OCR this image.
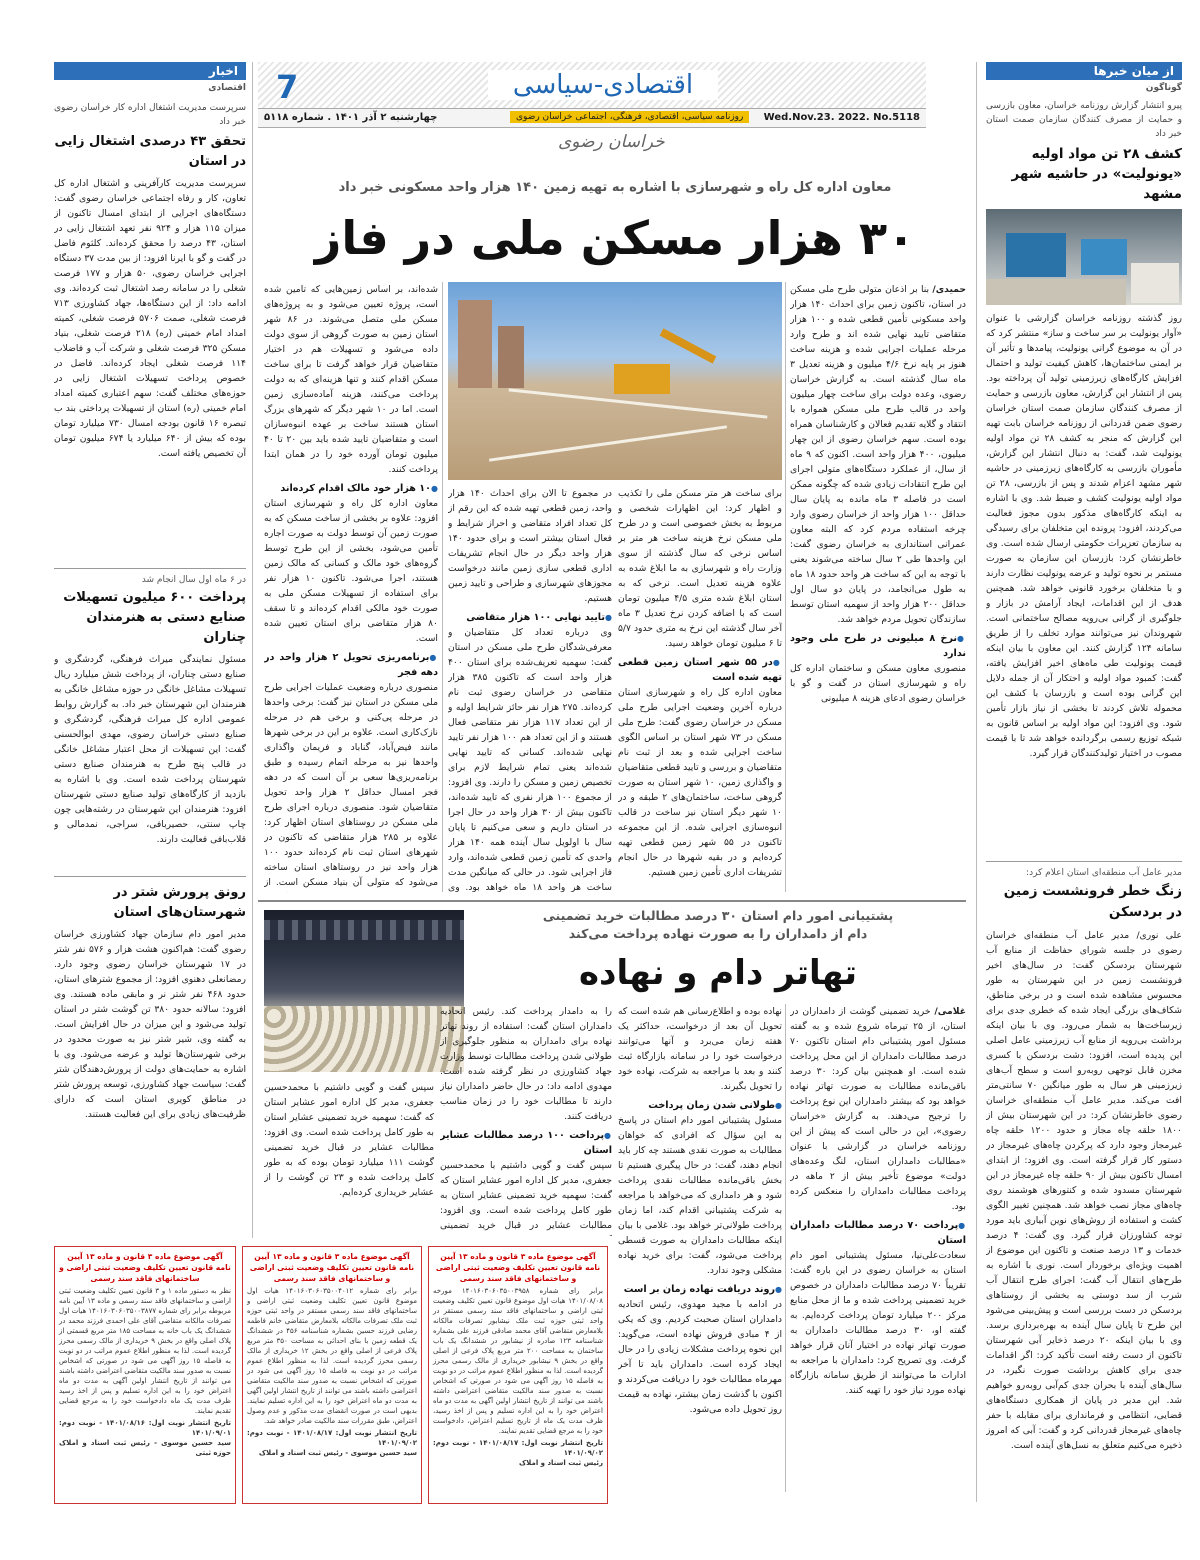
7	اقتصادی-سیاسی
Wed.Nov.23. 2022. No.5118
روزنامه سیاسی، اقتصادی، فرهنگی، اجتماعی خراسان رضوی
چهارشنبه ۲ آذر ۱۴۰۱ . شماره ۵۱۱۸
خراسان رضوی
از میان خبرها
گوناگون
پیرو انتشار گزارش روزنامه خراسان، معاون بازرسی و حمایت از مصرف کنندگان سازمان صمت استان خبر داد
کشف ۲۸ تن مواد اولیه «یونولیت» در حاشیه شهر مشهد
روز گذشته روزنامه خراسان گزارشی با عنوان «آوار یونولیت بر سر ساخت و ساز» منتشر کرد که در آن به موضوع گرانی یونولیت، پیامدها و تأثیر آن بر ایمنی ساختمان‌ها، کاهش کیفیت تولید و احتمال افزایش کارگاه‌های زیرزمینی تولید آن پرداخته بود. پس از انتشار این گزارش، معاون بازرسی و حمایت از مصرف کنندگان سازمان صمت استان خراسان رضوی ضمن قدردانی از روزنامه خراسان بابت تهیه این گزارش که منجر به کشف ۲۸ تن مواد اولیه یونولیت شد، گفت: به دنبال انتشار این گزارش، مأموران بازرسی به کارگاه‌های زیرزمینی در حاشیه شهر مشهد اعزام شدند و پس از بازرسی، ۲۸ تن مواد اولیه یونولیت کشف و ضبط شد. وی با اشاره به اینکه کارگاه‌های مذکور بدون مجوز فعالیت می‌کردند، افزود: پرونده این متخلفان برای رسیدگی به سازمان تعزیرات حکومتی ارسال شده است. وی خاطرنشان کرد: بازرسان این سازمان به صورت مستمر بر نحوه تولید و عرضه یونولیت نظارت دارند و با متخلفان برخورد قانونی خواهد شد. همچنین هدف از این اقدامات، ایجاد آرامش در بازار و جلوگیری از گرانی بی‌رویه مصالح ساختمانی است. شهروندان نیز می‌توانند موارد تخلف را از طریق سامانه ۱۲۴ گزارش کنند. این معاون با بیان اینکه قیمت یونولیت طی ماه‌های اخیر افزایش یافته، گفت: کمبود مواد اولیه و احتکار آن از جمله دلایل این گرانی بوده است و بازرسان با کشف این محموله تلاش کردند تا بخشی از نیاز بازار تأمین شود. وی افزود: این مواد اولیه بر اساس قانون به شبکه توزیع رسمی برگردانده خواهد شد تا با قیمت مصوب در اختیار تولیدکنندگان قرار گیرد.
مدیر عامل آب منطقه‌ای استان اعلام کرد:
زنگ خطر فرونشست زمین در بردسکن
علی نوری/ مدیر عامل آب منطقه‌ای خراسان رضوی در جلسه شورای حفاظت از منابع آب شهرستان بردسکن گفت: در سال‌های اخیر فرونشست زمین در این شهرستان به طور محسوس مشاهده شده است و در برخی مناطق، شکاف‌های بزرگی ایجاد شده که خطری جدی برای زیرساخت‌ها به شمار می‌رود. وی با بیان اینکه برداشت بی‌رویه از منابع آب زیرزمینی عامل اصلی این پدیده است، افزود: دشت بردسکن با کسری مخزن قابل توجهی روبه‌رو است و سطح آب‌های زیرزمینی هر سال به طور میانگین ۷۰ سانتی‌متر افت می‌کند. مدیر عامل آب منطقه‌ای خراسان رضوی خاطرنشان کرد: در این شهرستان بیش از ۱۸۰۰ حلقه چاه مجاز و حدود ۱۲۰۰ حلقه چاه غیرمجاز وجود دارد که پرکردن چاه‌های غیرمجاز در دستور کار قرار گرفته است. وی افزود: از ابتدای امسال تاکنون بیش از ۹۰ حلقه چاه غیرمجاز در این شهرستان مسدود شده و کنتورهای هوشمند روی چاه‌های مجاز نصب خواهد شد. همچنین تغییر الگوی کشت و استفاده از روش‌های نوین آبیاری باید مورد توجه کشاورزان قرار گیرد. وی گفت: ۴ درصد خدمات و ۱۳ درصد صنعت و تاکنون این موضوع از اهمیت ویژه‌ای برخوردار است. نوری با اشاره به طرح‌های انتقال آب گفت: اجرای طرح انتقال آب شرب از سد دوستی به بخشی از روستاهای بردسکن در دست بررسی است و پیش‌بینی می‌شود این طرح تا پایان سال آینده به بهره‌برداری برسد. وی با بیان اینکه ۲۰ درصد ذخایر آبی شهرستان تاکنون از دست رفته است تأکید کرد: اگر اقدامات جدی برای کاهش برداشت صورت نگیرد، در سال‌های آینده با بحران جدی کم‌آبی روبه‌رو خواهیم شد. این مدیر در پایان از همکاری دستگاه‌های قضایی، انتظامی و فرمانداری برای مقابله با حفر چاه‌های غیرمجاز قدردانی کرد و گفت: آبی که امروز ذخیره می‌کنیم متعلق به نسل‌های آینده است.
معاون اداره کل راه و شهرسازی با اشاره به تهیه زمین ۱۴۰ هزار واحد مسکونی خبر داد
۳۰ هزار مسکن ملی در فاز
حمیدی/ بنا بر اذعان متولی طرح ملی مسکن در استان، تاکنون زمین برای احداث ۱۴۰ هزار واحد مسکونی تأمین قطعی شده و ۱۰۰ هزار متقاضی تایید نهایی شده اند و طرح وارد مرحله عملیات اجرایی شده و هزینه ساخت هنوز بر پایه نرخ ۴/۶ میلیون و هزینه تعدیل ۳ ماه سال گذشته است. به گزارش خراسان رضوی، وعده دولت برای ساخت چهار میلیون واحد در قالب طرح ملی مسکن همواره با انتقاد و گلایه تقدیم فعالان و کارشناسان همراه بوده است. سهم خراسان رضوی از این چهار میلیون، ۴۰۰ هزار واحد است. اکنون که ۹ ماه از سال، از عملکرد دستگاه‌های متولی اجرای این طرح انتقادات زیادی شده که چگونه ممکن است در فاصله ۳ ماه مانده به پایان سال حداقل ۱۰۰ هزار واحد از خراسان رضوی وارد چرخه استفاده مردم کرد که البته معاون عمرانی استانداری به خراسان رضوی گفت: این واحدها طی ۲ سال ساخته می‌شوند یعنی با توجه به این که ساخت هر واحد حدود ۱۸ ماه به طول می‌انجامد، در پایان دو سال اول حداقل ۲۰۰ هزار واحد از سهمیه استان توسط سازندگان تحویل مردم خواهد شد.
● نرخ ۸ میلیونی در طرح ملی وجود ندارد
منصوری معاون مسکن و ساختمان اداره کل راه و شهرسازی استان در گفت و گو با خراسان رضوی ادعای هزینه ۸ میلیونی
برای ساخت هر متر مسکن ملی را تکذیب و اظهار کرد: این اظهارات شخصی و مربوط به بخش خصوصی است و در طرح ملی مسکن نرخ هزینه ساخت هر متر بر اساس نرخی که سال گذشته از سوی وزارت راه و شهرسازی به ما ابلاغ شده به علاوه هزینه تعدیل است. نرخی که به استان ابلاغ شده متری ۴/۵ میلیون تومان است که با اضافه کردن نرخ تعدیل ۳ ماه آخر سال گذشته این نرخ به متری حدود ۵/۷ تا ۶ میلیون تومان خواهد رسید.
● در ۵۵ شهر استان زمین قطعی تهیه شده است
معاون اداره کل راه و شهرسازی استان درباره آخرین وضعیت اجرایی طرح ملی مسکن در خراسان رضوی گفت: طرح ملی مسکن در ۷۳ شهر استان بر اساس الگوی ساخت اجرایی شده و بعد از ثبت نام متقاضیان و بررسی و تایید قطعی متقاضیان و واگذاری زمین، ۱۰ شهر استان به صورت گروهی ساخت، ساختمان‌های ۲ طبقه و در ۱۰ شهر دیگر استان نیز ساخت در قالب انبوه‌سازی اجرایی شده. از این مجموعه تاکنون در ۵۵ شهر زمین قطعی تهیه کرده‌ایم و در بقیه شهرها در حال انجام تشریفات اداری تأمین زمین هستیم.
در مجموع تا الان برای احداث ۱۴۰ هزار واحد، زمین قطعی تهیه شده که این رقم از کل تعداد افراد متقاضی و احراز شرایط و فعال استان بیشتر است و برای حدود ۱۴۰ هزار واحد دیگر در حال انجام تشریفات اداری قطعی سازی زمین مانند درخواست مجوزهای شهرسازی و طراحی و تایید زمین هستیم.
● تایید نهایی ۱۰۰ هزار متقاضی
وی درباره تعداد کل متقاضیان و معرفی‌شدگان طرح ملی مسکن در استان گفت: سهمیه تعریف‌شده برای استان ۴۰۰ هزار واحد است که تاکنون ۳۸۵ هزار متقاضی در خراسان رضوی ثبت نام کرده‌اند. ۲۷۵ هزار نفر حائز شرایط اولیه و از این تعداد ۱۱۷ هزار نفر متقاضی فعال هستند و از این تعداد هم ۱۰۰ هزار نفر تایید نهایی شده‌اند. کسانی که تایید نهایی شده‌اند یعنی تمام شرایط لازم برای تخصیص زمین و مسکن را دارند. وی افزود: از مجموع ۱۰۰ هزار نفری که تایید شده‌اند، تاکنون بیش از ۳۰ هزار واحد در حال اجرا در استان داریم و سعی می‌کنیم تا پایان سال با اولویل سال آینده همه ۱۴۰ هزار واحدی که تأمین زمین قطعی شده‌اند، وارد فاز اجرایی شود. در حالی که میانگین مدت ساخت هر واحد ۱۸ ماه خواهد بود. وی
شده‌اند، بر اساس زمین‌هایی که تامین شده است، پروژه تعیین می‌شود و به پروژه‌های مسکن ملی متصل می‌شوند. در ۸۶ شهر استان زمین به صورت گروهی از سوی دولت داده می‌شود و تسهیلات هم در اختیار متقاضیان قرار خواهد گرفت تا برای ساخت مسکن اقدام کنند و تنها هزینه‌ای که به دولت پرداخت می‌کنند، هزینه آماده‌سازی زمین است. اما در ۱۰ شهر دیگر که شهرهای بزرگ استان هستند ساخت بر عهده انبوه‌سازان است و متقاضیان تایید شده باید بین ۲۰ تا ۴۰ میلیون تومان آورده خود را در همان ابتدا پرداخت کنند.
● ۱۰ هزار خود مالک اقدام کرده‌اند
معاون اداره کل راه و شهرسازی استان افزود: علاوه بر بخشی از ساخت مسکن که به صورت زمین آن توسط دولت به صورت اجاره تأمین می‌شود، بخشی از این طرح توسط گروه‌های خود مالک و کسانی که مالک زمین هستند، اجرا می‌شود. تاکنون ۱۰ هزار نفر برای استفاده از تسهیلات مسکن ملی به صورت خود مالکی اقدام کرده‌اند و تا سقف ۸۰ هزار متقاضی برای استان تعیین شده است.
● برنامه‌ریزی تحویل ۲ هزار واحد در دهه فجر
منصوری درباره وضعیت عملیات اجرایی طرح ملی مسکن در استان نیز گفت: برخی واحدها در مرحله پی‌کنی و برخی هم در مرحله نازک‌کاری است. علاوه بر این در برخی شهرها مانند فیض‌آباد، گناباد و فریمان واگذاری واحدها نیز به مرحله اتمام رسیده و طبق برنامه‌ریزی‌ها سعی بر آن است که در دهه فجر امسال حداقل ۲ هزار واحد تحویل متقاضیان شود. منصوری درباره اجرای طرح ملی مسکن در روستاهای استان اظهار کرد: علاوه بر ۲۸۵ هزار متقاضی که تاکنون در شهرهای استان ثبت نام کرده‌اند حدود ۱۰۰ هزار واحد نیز در روستاهای استان ساخته می‌شود که متولی آن بنیاد مسکن است. از
پشتیبانی امور دام استان ۳۰ درصد مطالبات خرید تضمینی
دام از دامداران را به صورت نهاده پرداخت می‌کند
تهاتر دام و نهاده
غلامی/ خرید تضمینی گوشت از دامداران در استان، از ۲۵ تیرماه شروع شده و به گفته مسئول امور پشتیبانی دام استان تاکنون ۷۰ درصد مطالبات دامداران از این محل پرداخت شده است. او همچنین بیان کرد: ۳۰ درصد باقی‌مانده مطالبات به صورت تهاتر نهاده خواهد بود که بیشتر دامداران این نوع پرداخت را ترجیح می‌دهند. به گزارش «خراسان رضوی»، این در حالی است که پیش از این روزنامه خراسان در گزارشی با عنوان «مطالبات دامداران استان، لنگ وعده‌های دولت» موضوع تأخیر بیش از ۲ ماهه در پرداخت مطالبات دامداران را منعکس کرده بود.
● پرداخت ۷۰ درصد مطالبات دامداران استان
سعادت‌علی‌نیا، مسئول پشتیبانی امور دام استان به خراسان رضوی در این باره گفت: تقریباً ۷۰ درصد مطالبات دامداران در خصوص خرید تضمینی پرداخت شده و ما از محل منابع مرکز ۲۰۰ میلیارد تومان پرداخت کرده‌ایم. به گفته او، ۳۰ درصد مطالبات دامداران به صورت تهاتر نهاده در اختیار آنان قرار خواهد گرفت. وی تصریح کرد: دامداران با مراجعه به ادارات ما می‌توانند از طریق سامانه بازارگاه نهاده مورد نیاز خود را تهیه کنند.
نهاده بوده و اطلاع‌رسانی هم شده است که تحویل آن بعد از درخواست، حداکثر یک هفته زمان می‌برد و آنها می‌توانند درخواست خود را در سامانه بازارگاه ثبت کنند و بعد با مراجعه به شرکت، نهاده خود را تحویل بگیرند.
● طولانی شدن زمان پرداخت
مسئول پشتیبانی امور دام استان در پاسخ به این سؤال که افرادی که خواهان مطالبات به صورت نقدی هستند چه کار باید انجام دهند، گفت: در حال پیگیری هستیم تا بخش باقی‌مانده مطالبات نقدی پرداخت شود و هر دامداری که می‌خواهد با مراجعه به شرکت پشتیبانی اقدام کند، اما زمان پرداخت طولانی‌تر خواهد بود. غلامی با بیان اینکه مطالبات دامداران به صورت قسطی پرداخت می‌شود، گفت: برای خرید نهاده مشکلی وجود ندارد.
● روند دریافت نهاده زمان بر است
در ادامه با مجید مهدوی، رئیس اتحادیه دامداران استان صحبت کردیم. وی که یکی از ۴ مبادی فروش نهاده است، می‌گوید: این نحوه پرداخت مشکلات زیادی را در حال ایجاد کرده است. دامداران باید تا آخر مهرماه مطالبات خود را دریافت می‌کردند و اکنون با گذشت زمان بیشتر، نهاده به قیمت روز تحویل داده می‌شود.
را به دامدار پرداخت کند. رئیس اتحادیه دامداران استان گفت: استفاده از روند تهاتر نهاده برای دامداران به منظور جلوگیری از طولانی شدن پرداخت مطالبات توسط وزارت جهاد کشاورزی در نظر گرفته شده است. مهدوی ادامه داد: در حال حاضر دامداران نیاز دارند تا مطالبات خود را در زمان مناسب دریافت کنند.
● پرداخت ۱۰۰ درصد مطالبات عشایر استان
سپس گفت و گویی داشتیم با محمدحسین جعفری، مدیر کل اداره امور عشایر استان که گفت: سهمیه خرید تضمینی عشایر استان به طور کامل پرداخت شده است. وی افزود: مطالبات عشایر در قبال خرید تضمینی
سپس گفت و گویی داشتیم با محمدحسین جعفری، مدیر کل اداره امور عشایر استان که گفت: سهمیه خرید تضمینی عشایر استان به طور کامل پرداخت شده است. وی افزود: مطالبات عشایر در قبال خرید تضمینی گوشت ۱۱۱ میلیارد تومان بوده که به طور کامل پرداخت شده و ۲۳ تن گوشت را از عشایر خریداری کرده‌ایم.
آگهی موضوع ماده ۳ قانون و ماده ۱۳ آیین نامه قانون تعیین تکلیف وضعیت ثبتی اراضی و ساختمانهای فاقد سند رسمی
برابر رای شماره ۱۴۰۱۶۰۳۰۶۰۳۵۰۰۳۹۵۸ مورخه ۱۴۰۱/۰۸/۰۸ هیات اول موضوع قانون تعیین تکلیف وضعیت ثبتی اراضی و ساختمانهای فاقد سند رسمی مستقر در واحد ثبتی حوزه ثبت ملک نیشابور تصرفات مالکانه بلامعارض متقاضی آقای محمد صادقی فرزند علی بشماره شناسنامه ۱۲۳ صادره از نیشابور در ششدانگ یک باب ساختمان به مساحت ۲۰۰ متر مربع پلاک فرعی از اصلی واقع در بخش ۹ نیشابور خریداری از مالک رسمی محرز گردیده است. لذا به منظور اطلاع عموم مراتب در دو نوبت به فاصله ۱۵ روز آگهی می شود در صورتی که اشخاص نسبت به صدور سند مالکیت متقاضی اعتراضی داشته باشند می توانند از تاریخ انتشار اولین آگهی به مدت دو ماه اعتراض خود را به این اداره تسلیم و پس از اخذ رسید، ظرف مدت یک ماه از تاریخ تسلیم اعتراض، دادخواست خود را به مرجع قضایی تقدیم نمایند.
تاریخ انتشار نوبت اول: ۱۴۰۱/۰۸/۱۷ - نوبت دوم: ۱۴۰۱/۰۹/۰۲
رئیس ثبت اسناد و املاک
آگهی موضوع ماده ۳ قانون و ماده ۱۳ آیین نامه قانون تعیین تکلیف وضعیت ثبتی اراضی و ساختمانهای فاقد سند رسمی
برابر رای شماره ۱۴۰۱۶۰۳۰۶۰۳۵۰۰۴۰۱۲ هیات اول موضوع قانون تعیین تکلیف وضعیت ثبتی اراضی و ساختمانهای فاقد سند رسمی مستقر در واحد ثبتی حوزه ثبت ملک تصرفات مالکانه بلامعارض متقاضی خانم فاطمه رضایی فرزند حسین بشماره شناسنامه ۴۵۶ در ششدانگ یک قطعه زمین با بنای احداثی به مساحت ۳۵۰ متر مربع پلاک فرعی از اصلی واقع در بخش ۱۲ خریداری از مالک رسمی محرز گردیده است. لذا به منظور اطلاع عموم مراتب در دو نوبت به فاصله ۱۵ روز آگهی می شود در صورتی که اشخاص نسبت به صدور سند مالکیت متقاضی اعتراضی داشته باشند می توانند از تاریخ انتشار اولین آگهی به مدت دو ماه اعتراض خود را به این اداره تسلیم نمایند. بدیهی است در صورت انقضای مدت مذکور و عدم وصول اعتراض، طبق مقررات سند مالکیت صادر خواهد شد.
تاریخ انتشار نوبت اول: ۱۴۰۱/۰۸/۱۷ - نوبت دوم: ۱۴۰۱/۰۹/۰۲
سید حسین موسوی - رئیس ثبت اسناد و املاک
آگهی موضوع ماده ۳ قانون و ماده ۱۳ آیین نامه قانون تعیین تکلیف وضعیت ثبتی اراضی و ساختمانهای فاقد سند رسمی
نظر به دستور ماده ۱ و ۳ قانون تعیین تکلیف وضعیت ثبتی اراضی و ساختمانهای فاقد سند رسمی و ماده ۱۳ آیین نامه مربوطه برابر رای شماره ۱۴۰۱۶۰۳۰۶۰۳۵۰۰۳۸۷۷ هیات اول تصرفات مالکانه متقاضی آقای علی احمدی فرزند محمد در ششدانگ یک باب خانه به مساحت ۱۸۵ متر مربع قسمتی از پلاک اصلی واقع در بخش ۹ خریداری از مالک رسمی محرز گردیده است. لذا به منظور اطلاع عموم مراتب در دو نوبت به فاصله ۱۵ روز آگهی می شود در صورتی که اشخاص نسبت به صدور سند مالکیت متقاضی اعتراضی داشته باشند می توانند از تاریخ انتشار اولین آگهی به مدت دو ماه اعتراض خود را به این اداره تسلیم و پس از اخذ رسید ظرف مدت یک ماه دادخواست خود را به مرجع قضایی تقدیم نمایند.
تاریخ انتشار نوبت اول: ۱۴۰۱/۰۸/۱۶ - نوبت دوم: ۱۴۰۱/۰۹/۰۱
سید حسین موسوی - رئیس ثبت اسناد و املاک حوزه ثبتی
اخبار
اقتصادی
سرپرست مدیریت اشتغال اداره کار خراسان رضوی خبر داد
تحقق ۴۳ درصدی اشتغال زایی در استان
سرپرست مدیریت کارآفرینی و اشتغال اداره کل تعاون، کار و رفاه اجتماعی خراسان رضوی گفت: دستگاه‌های اجرایی از ابتدای امسال تاکنون از میزان ۱۱۵ هزار و ۹۲۴ نفر تعهد اشتغال زایی در استان، ۴۳ درصد را محقق کرده‌اند. کلثوم فاضل در گفت و گو با ایرنا افزود: از بین مدت ۳۷ دستگاه اجرایی خراسان رضوی، ۵۰ هزار و ۱۷۷ فرصت شغلی را در سامانه رصد اشتغال ثبت کرده‌اند. وی ادامه داد: از این دستگاه‌ها، جهاد کشاورزی ۷۱۳ فرصت شغلی، صمت ۵۷۰۶ فرصت شغلی، کمیته امداد امام خمینی (ره) ۲۱۸ فرصت شغلی، بنیاد مسکن ۳۲۵ فرصت شغلی و شرکت آب و فاضلاب ۱۱۴ فرصت شغلی ایجاد کرده‌اند. فاضل در خصوص پرداخت تسهیلات اشتغال زایی در حوزه‌های مختلف گفت: سهم اعتباری کمیته امداد امام خمینی (ره) استان از تسهیلات پرداختی بند ب تبصره ۱۶ قانون بودجه امسال ۷۳۰ میلیارد تومان بوده که بیش از ۶۴۰ میلیارد یا ۶۷۴ میلیون تومان آن تخصیص یافته است.
در ۶ ماه اول سال انجام شد
پرداخت ۶۰۰ میلیون تسهیلات صنایع دستی به هنرمندان چناران
مسئول نمایندگی میراث فرهنگی، گردشگری و صنایع دستی چناران، از پرداخت شش میلیارد ریال تسهیلات مشاغل خانگی در حوزه مشاغل خانگی به هنرمندان این شهرستان خبر داد. به گزارش روابط عمومی اداره کل میراث فرهنگی، گردشگری و صنایع دستی خراسان رضوی، مهدی ابوالحسنی گفت: این تسهیلات از محل اعتبار مشاغل خانگی در قالب پنج طرح به هنرمندان صنایع دستی شهرستان پرداخت شده است. وی با اشاره به بازدید از کارگاه‌های تولید صنایع دستی شهرستان افزود: هنرمندان این شهرستان در رشته‌هایی چون چاپ سنتی، حصیربافی، سراجی، نمدمالی و قلاب‌بافی فعالیت دارند.
رونق پرورش شتر در شهرستان‌های استان
مدیر امور دام سازمان جهاد کشاورزی خراسان رضوی گفت: هم‌اکنون هشت هزار و ۵۷۶ نفر شتر در ۱۷ شهرستان خراسان رضوی وجود دارد. رمضانعلی دهنوی افزود: از مجموع شترهای استان، حدود ۴۶۸ نفر شتر نر و مابقی ماده هستند. وی افزود: سالانه حدود ۳۸۰ تن گوشت شتر در استان تولید می‌شود و این میزان در حال افزایش است. به گفته وی، شیر شتر نیز به صورت محدود در برخی شهرستان‌ها تولید و عرضه می‌شود. وی با اشاره به حمایت‌های دولت از پرورش‌دهندگان شتر گفت: سیاست جهاد کشاورزی، توسعه پرورش شتر در مناطق کویری استان است که دارای ظرفیت‌های زیادی برای این فعالیت هستند.
